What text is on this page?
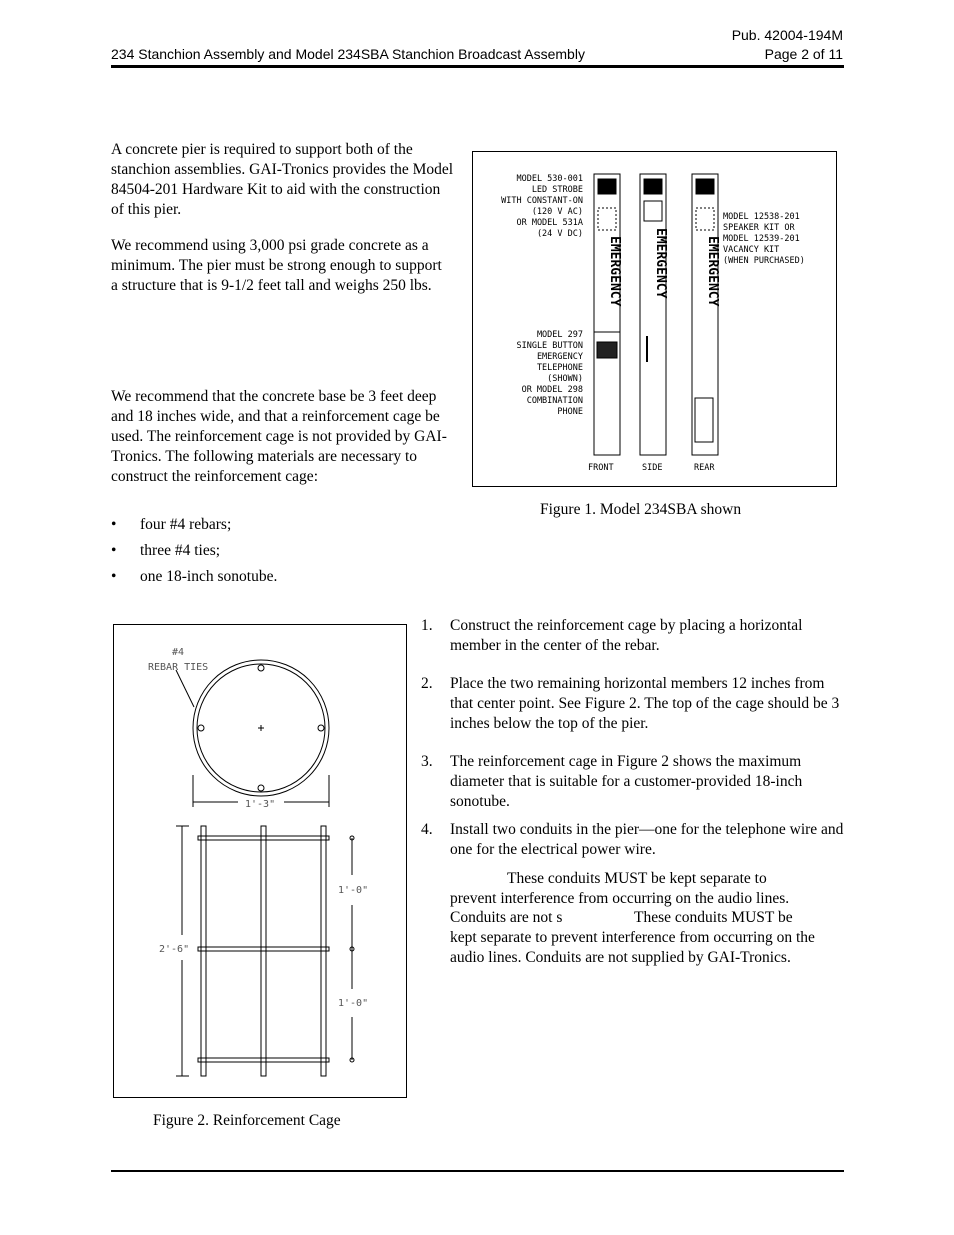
Pub. 42004-194M
234 Stanchion Assembly and Model 234SBA Stanchion Broadcast Assembly	Page 2 of 11

A concrete pier is required to support both of the stanchion assemblies. GAI-Tronics provides the Model 84504-201 Hardware Kit to aid with the construction of this pier.

We recommend using 3,000 psi grade concrete as a minimum. The pier must be strong enough to support a structure that is 9-1/2 feet tall and weighs 250 lbs.

We recommend that the concrete base be 3 feet deep and 18 inches wide, and that a reinforcement cage be used. The reinforcement cage is not provided by GAI-Tronics. The following materials are necessary to construct the reinforcement cage:

• four #4 rebars;
• three #4 ties;
• one 18-inch sonotube.
EMERGENCY EMERGENCY	EMERGENCY
MODEL 530-001
LED STROBE
WITH CONSTANT-ON
(120 V AC)
OR MODEL 531A
(24 V DC)
MODEL 297
SINGLE BUTTON
EMERGENCY
TELEPHONE
(SHOWN)
OR MODEL 298
COMBINATION
PHONE
MODEL 12538-201
SPEAKER KIT OR
MODEL 12539-201
VACANCY KIT
(WHEN PURCHASED)
FRONT	SIDE	REAR
Figure 1. Model 234SBA shown
#4
REBAR TIES
1'-3"
2'-6"
1'-0"
1'-0"
Figure 2. Reinforcement Cage
1. Construct the reinforcement cage by placing a horizontal member in the center of the rebar.
2. Place the two remaining horizontal members 12 inches from that center point. See Figure 2. The top of the cage should be 3 inches below the top of the pier.
3. The reinforcement cage in Figure 2 shows the maximum diameter that is suitable for a customer-provided 18-inch sonotube.
4. Install two conduits in the pier—one for the telephone wire and one for the electrical power wire.
These conduits MUST be kept separate to
prevent interference from occurring on the audio lines.
Conduits are not s	These conduits MUST be
kept separate to prevent interference from occurring on the audio lines. Conduits are not supplied by GAI-Tronics.
